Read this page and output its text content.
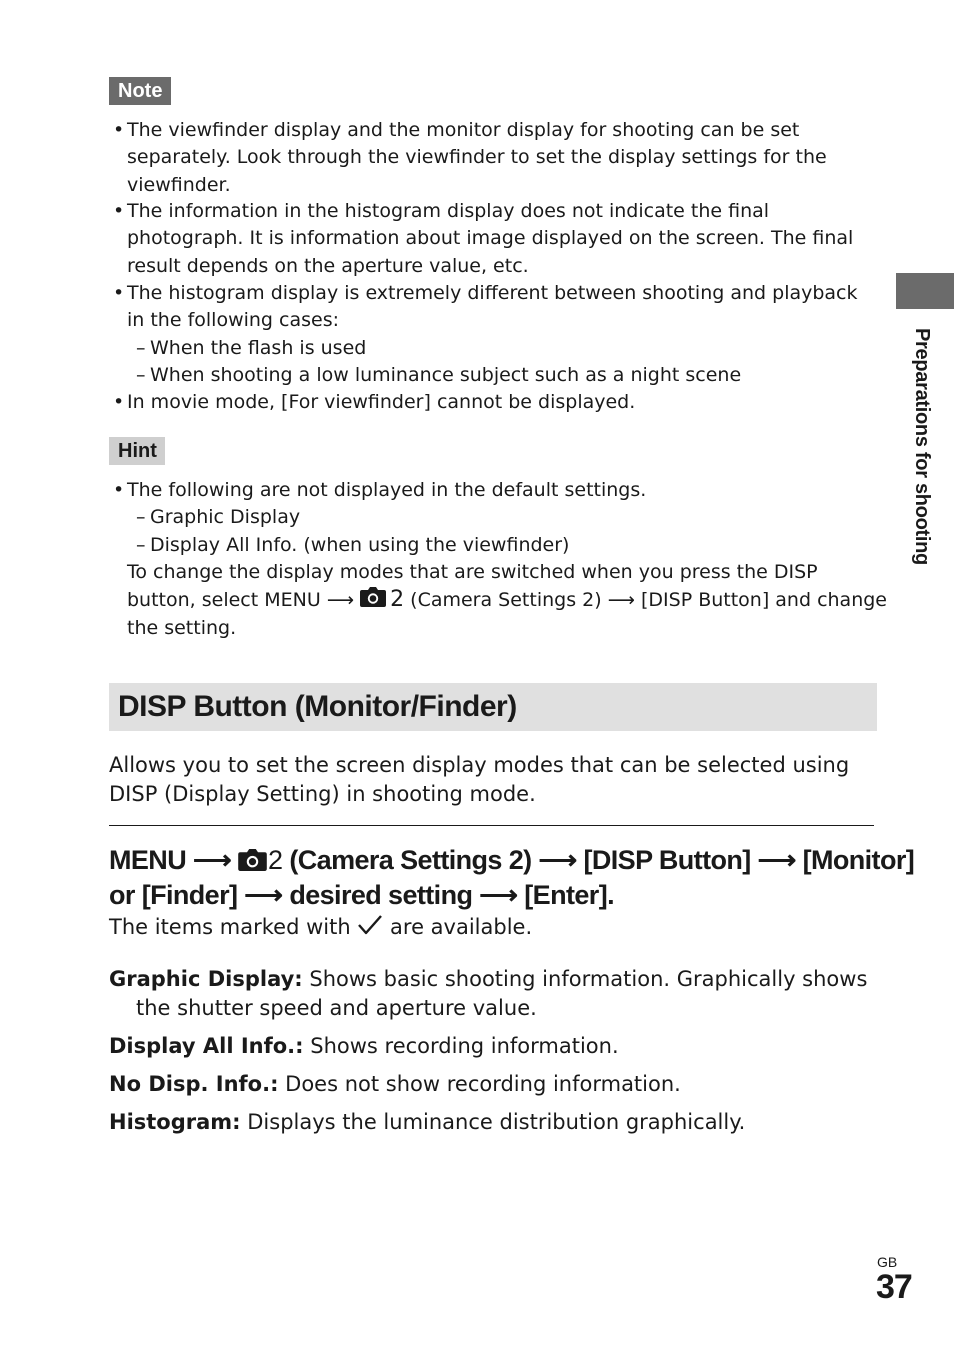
Note
• The viewfinder display and the monitor display for shooting can be set
separately. Look through the viewfinder to set the display settings for the
viewfinder.
• The information in the histogram display does not indicate the final
photograph. It is information about image displayed on the screen. The final
result depends on the aperture value, etc.
• The histogram display is extremely different between shooting and playback
in the following cases:
– When the flash is used
– When shooting a low luminance subject such as a night scene
• In movie mode, [For viewfinder] cannot be displayed.
Hint
• The following are not displayed in the default settings.
– Graphic Display
– Display All Info. (when using the viewfinder)
To change the display modes that are switched when you press the DISP
button, select MENU ⟶ 2 (Camera Settings 2) ⟶ [DISP Button] and change
the setting.
Preparations for shooting
DISP Button (Monitor/Finder)
Allows you to set the screen display modes that can be selected using
DISP (Display Setting) in shooting mode.
MENU ⟶ 2 (Camera Settings 2) ⟶ [DISP Button] ⟶ [Monitor]
or [Finder] ⟶ desired setting ⟶ [Enter].
The items marked with are available.
Graphic Display: Shows basic shooting information. Graphically shows
the shutter speed and aperture value.
Display All Info.: Shows recording information.
No Disp. Info.: Does not show recording information.
Histogram: Displays the luminance distribution graphically.
GB
37
